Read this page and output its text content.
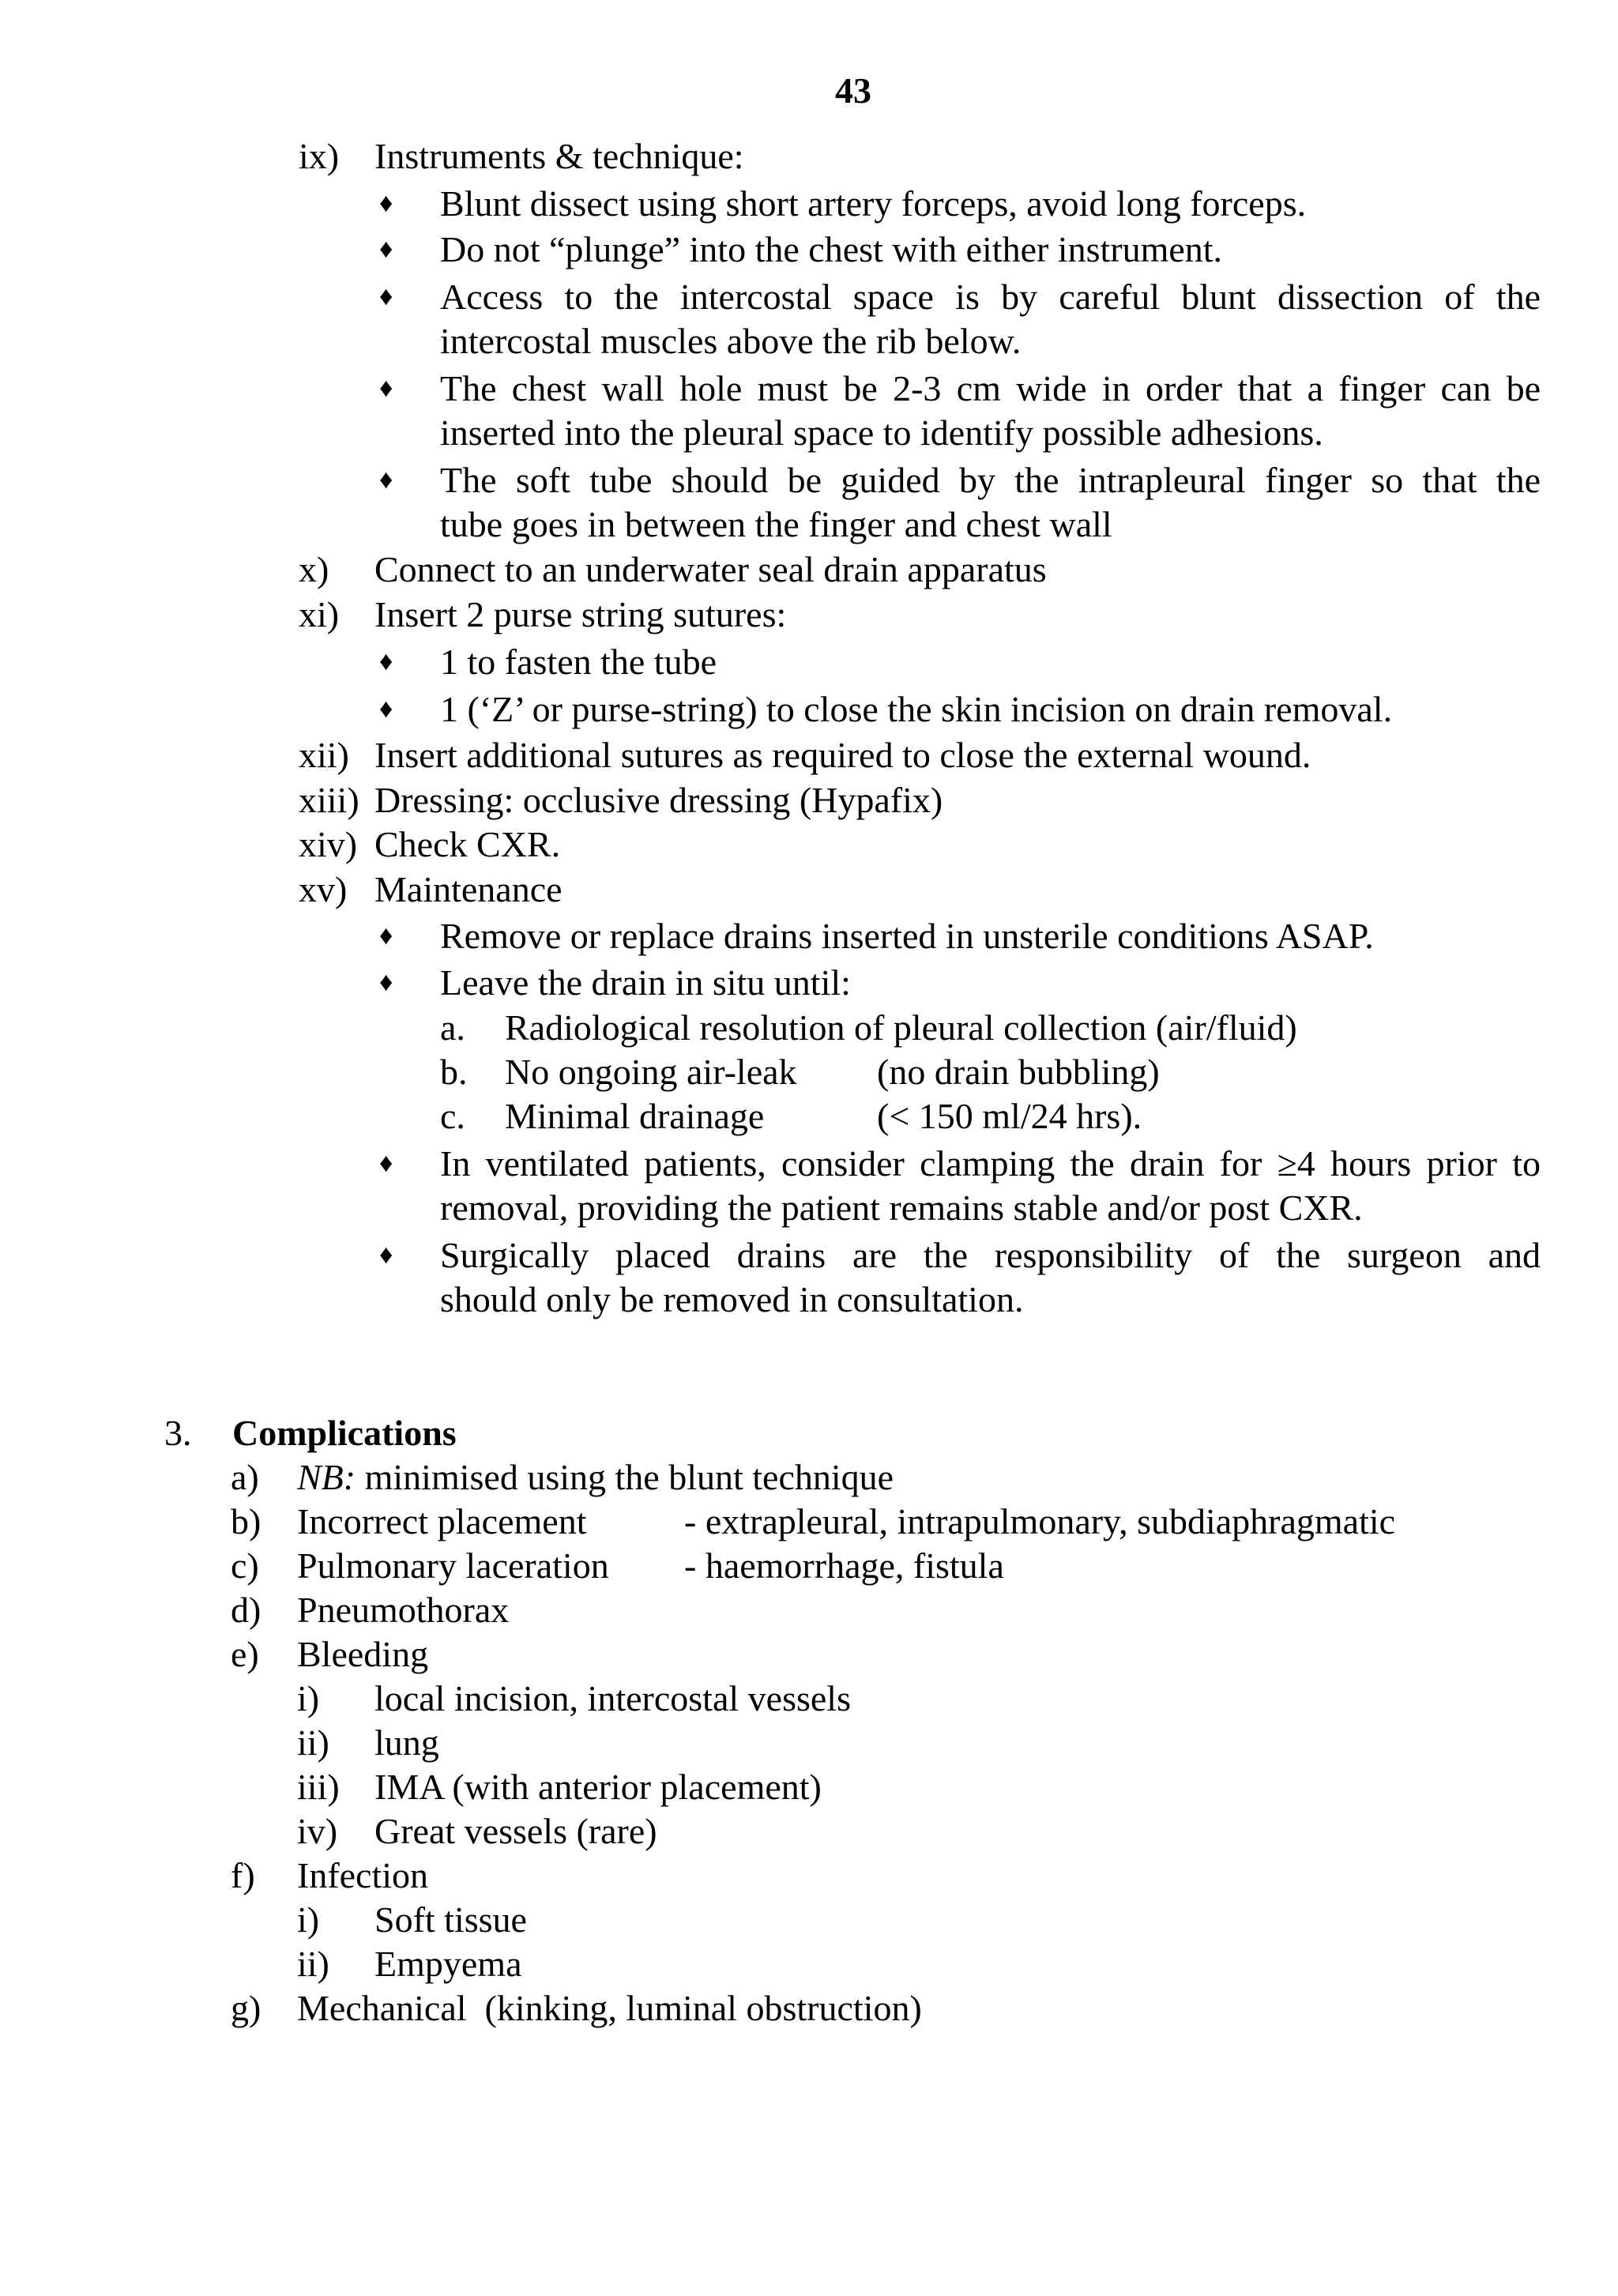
43
ix) Instruments & technique:
♦ Blunt dissect using short artery forceps, avoid long forceps.
♦ Do not “plunge” into the chest with either instrument.
♦ Access to the intercostal space is by careful blunt dissection of the
intercostal muscles above the rib below.
♦ The chest wall hole must be 2-3 cm wide in order that a finger can be
inserted into the pleural space to identify possible adhesions.
♦ The soft tube should be guided by the intrapleural finger so that the
tube goes in between the finger and chest wall
x) Connect to an underwater seal drain apparatus
xi) Insert 2 purse string sutures:
♦ 1 to fasten the tube
♦ 1 (‘Z’ or purse-string) to close the skin incision on drain removal.
xii) Insert additional sutures as required to close the external wound.
xiii) Dressing: occlusive dressing (Hypafix)
xiv) Check CXR.
xv) Maintenance
♦ Remove or replace drains inserted in unsterile conditions ASAP.
♦ Leave the drain in situ until:
a. Radiological resolution of pleural collection (air/fluid)
b. No ongoing air-leak (no drain bubbling)
c. Minimal drainage	(< 150 ml/24 hrs).
♦ In ventilated patients, consider clamping the drain for ≥4 hours prior to
removal, providing the patient remains stable and/or post CXR.
♦ Surgically placed drains are the responsibility of the surgeon and
should only be removed in consultation.
3. Complications
a) NB: minimised using the blunt technique
b) Incorrect placement	- extrapleural, intrapulmonary, subdiaphragmatic
c) Pulmonary laceration - haemorrhage, fistula
d) Pneumothorax
e) Bleeding
i) local incision, intercostal vessels
ii) lung
iii) IMA (with anterior placement)
iv) Great vessels (rare)
f) Infection
i) Soft tissue
ii) Empyema
g) Mechanical  (kinking, luminal obstruction)
